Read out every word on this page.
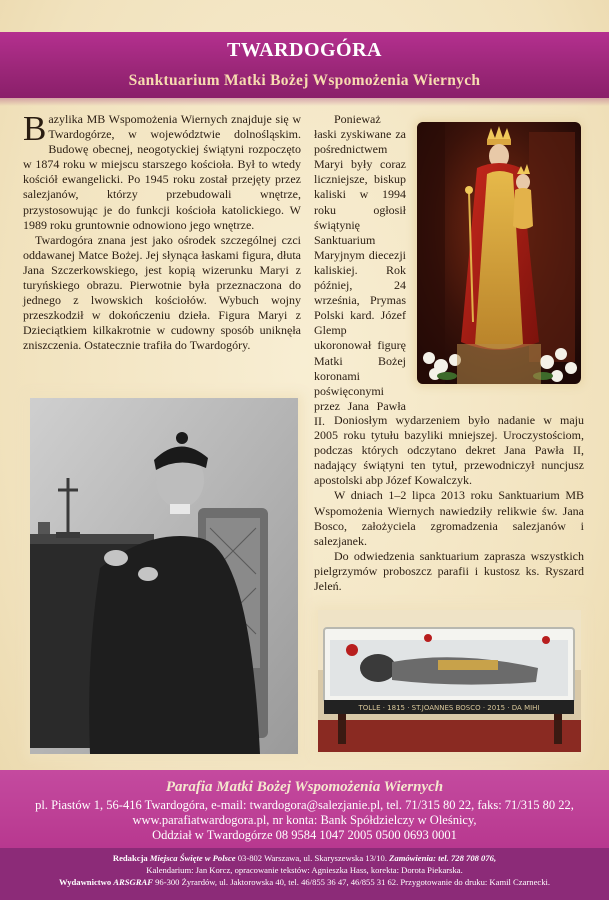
TWARDOGÓRA
Sanktuarium Matki Bożej Wspomożenia Wiernych

Bazylika MB Wspomożenia Wiernych znajduje się w Twardogórze, w województwie dolnośląskim. Budowę obecnej, neogotyckiej świątyni rozpoczęto w 1874 roku w miejscu starszego kościoła. Był to wtedy kościół ewangelicki. Po 1945 roku został przejęty przez salezjanów, którzy przebudowali wnętrze, przystosowując je do funkcji kościoła katolickiego. W 1989 roku gruntownie odnowiono jego wnętrze.

Twardogóra znana jest jako ośrodek szczególnej czci oddawanej Matce Bożej. Jej słynąca łaskami figura, dłuta Jana Szczerkowskiego, jest kopią wizerunku Maryi z turyńskiego obrazu. Pierwotnie była przeznaczona do jednego z lwowskich kościołów. Wybuch wojny przeszkodził w dokończeniu dzieła. Figura Maryi z Dzieciątkiem kilkakrotnie w cudowny sposób uniknęła zniszczenia. Ostatecznie trafiła do Twardogóry.

Ponieważ łaski zyskiwane za pośrednictwem Maryi były coraz liczniejsze, biskup kaliski w 1994 roku ogłosił świątynię Sanktuarium Maryjnym diecezji kaliskiej. Rok później, 24 września, Prymas Polski kard. Józef Glemp ukoronował figurę Matki Bożej koronami poświęconymi przez Jana Pawła II. Doniosłym wydarzeniem było nadanie w maju 2005 roku tytułu bazyliki mniejszej. Uroczystościom, podczas których odczytano dekret Jana Pawła II, nadający świątyni ten tytuł, przewodniczył nuncjusz apostolski abp Józef Kowalczyk.

W dniach 1–2 lipca 2013 roku Sanktuarium MB Wspomożenia Wiernych nawiedziły relikwie św. Jana Bosco, założyciela zgromadzenia salezjanów i salezjanek.

Do odwiedzenia sanktuarium zaprasza wszystkich pielgrzymów proboszcz parafii i kustosz ks. Ryszard Jeleń.

TOLLE · 1815 · ST.JOANNES BOSCO · 2015 · DA MIHI
Parafia Matki Bożej Wspomożenia Wiernych
pl. Piastów 1, 56-416 Twardogóra, e-mail: twardogora@salezjanie.pl, tel. 71/315 80 22, faks: 71/315 80 22,
www.parafiatwardogora.pl, nr konta: Bank Spółdzielczy w Oleśnicy,
Oddział w Twardogórze 08 9584 1047 2005 0500 0693 0001
Redakcja Miejsca Święte w Polsce 03-802 Warszawa, ul. Skaryszewska 13/10. Zamówienia: tel. 728 708 076,
Kalendarium: Jan Korcz, opracowanie tekstów: Agnieszka Hass, korekta: Dorota Piekarska.
Wydawnictwo ARSGRAF 96-300 Żyrardów, ul. Jaktorowska 40, tel. 46/855 36 47, 46/855 31 62. Przygotowanie do druku: Kamil Czarnecki.
